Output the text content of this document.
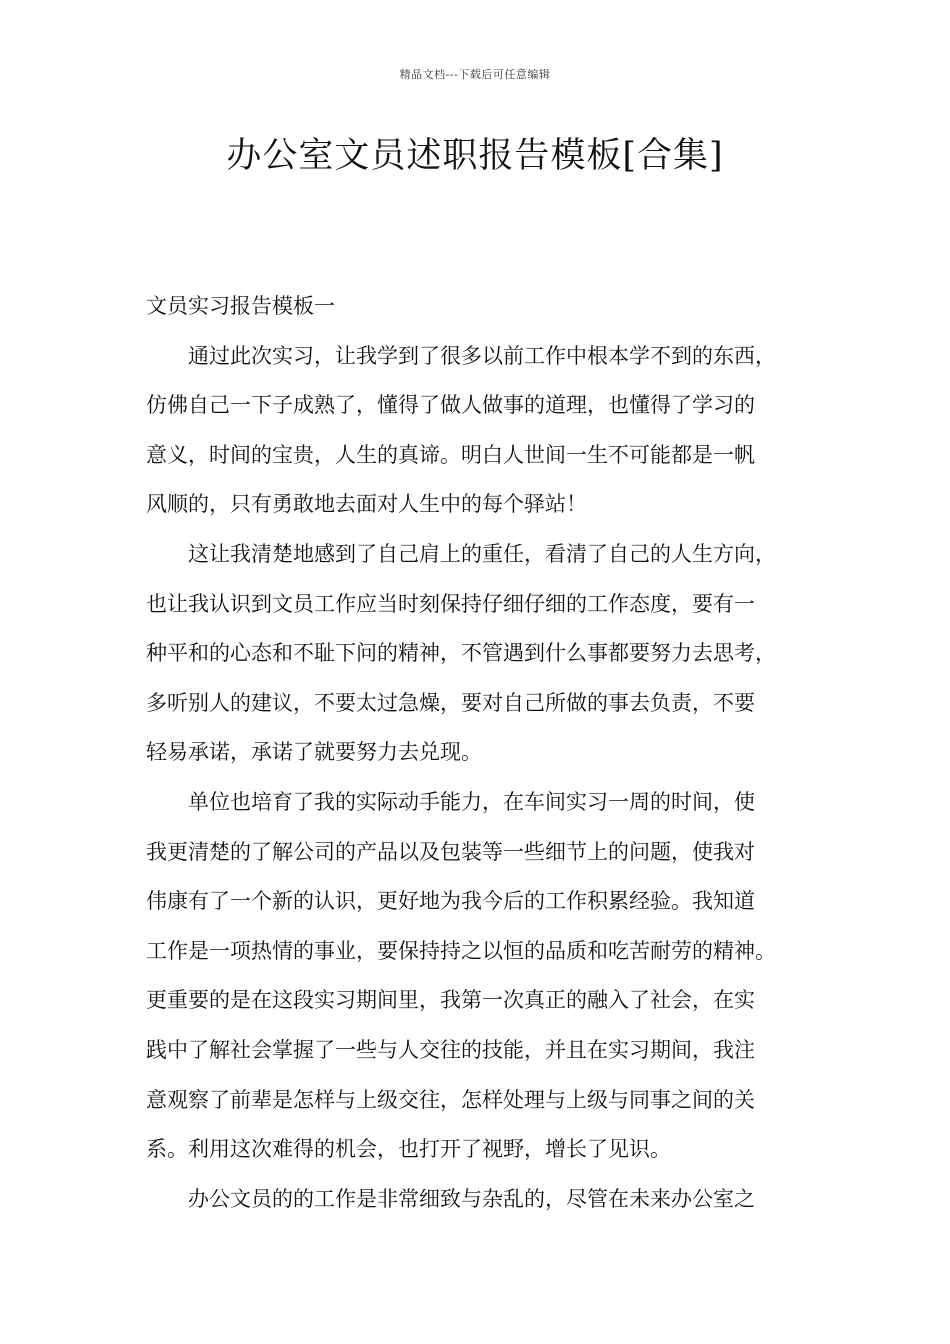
精品文档---下载后可任意编辑
办公室文员述职报告模板[合集]

文员实习报告模板一

通过此次实习，让我学到了很多以前工作中根本学不到的东西，

仿佛自己一下子成熟了，懂得了做人做事的道理，也懂得了学习的

意义，时间的宝贵，人生的真谛。明白人世间一生不可能都是一帆

风顺的，只有勇敢地去面对人生中的每个驿站！

这让我清楚地感到了自己肩上的重任，看清了自己的人生方向，

也让我认识到文员工作应当时刻保持仔细仔细的工作态度，要有一

种平和的心态和不耻下问的精神，不管遇到什么事都要努力去思考，

多听别人的建议，不要太过急燥，要对自己所做的事去负责，不要

轻易承诺，承诺了就要努力去兑现。

单位也培育了我的实际动手能力，在车间实习一周的时间，使

我更清楚的了解公司的产品以及包装等一些细节上的问题，使我对

伟康有了一个新的认识，更好地为我今后的工作积累经验。我知道

工作是一项热情的事业，要保持持之以恒的品质和吃苦耐劳的精神。

更重要的是在这段实习期间里，我第一次真正的融入了社会，在实

践中了解社会掌握了一些与人交往的技能，并且在实习期间，我注

意观察了前辈是怎样与上级交往，怎样处理与上级与同事之间的关

系。利用这次难得的机会，也打开了视野，增长了见识。

办公文员的的工作是非常细致与杂乱的，尽管在未来办公室之
